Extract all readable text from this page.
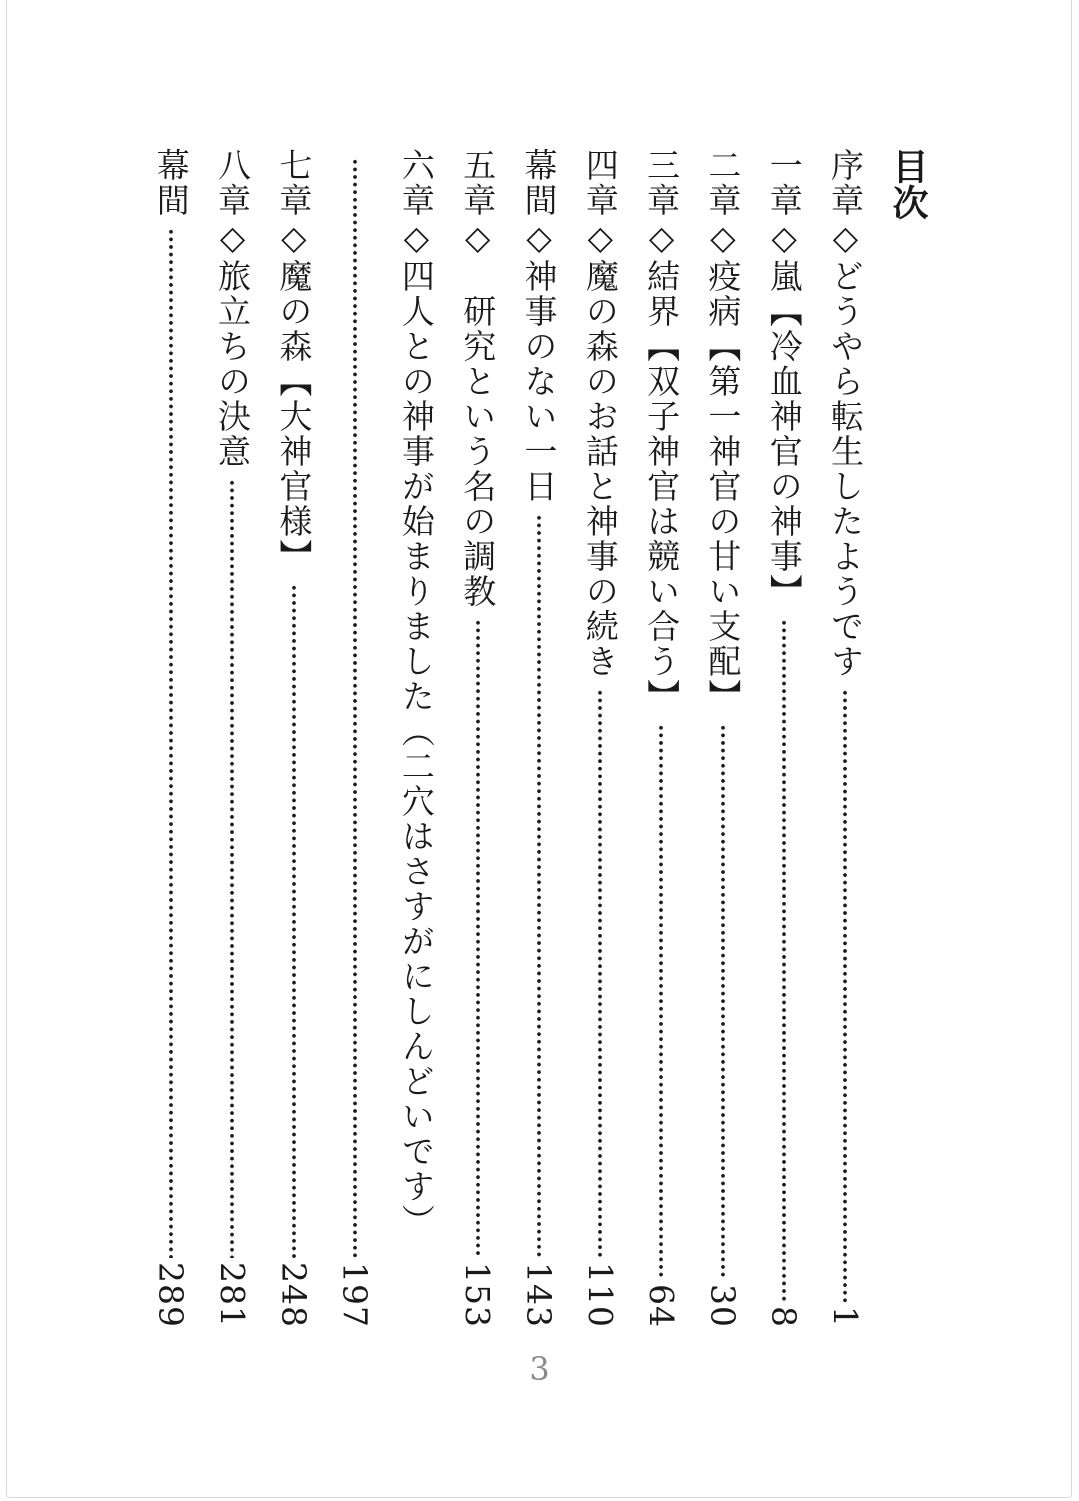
目次
序章◇どうやら転生したようです
1
一章◇嵐【冷血神官の神事】
8
二章◇疫病【第一神官の甘い支配】
30
三章◇結界【双子神官は競い合う】
64
四章◇魔の森のお話と神事の続き
110
幕間◇神事のない一日
143
五章◇　研究という名の調教
153
六章◇四人との神事が始まりました（二穴はさすがにしんどいです）
197
七章◇魔の森【大神官様】
248
八章◇旅立ちの決意
281
幕間
289
3
